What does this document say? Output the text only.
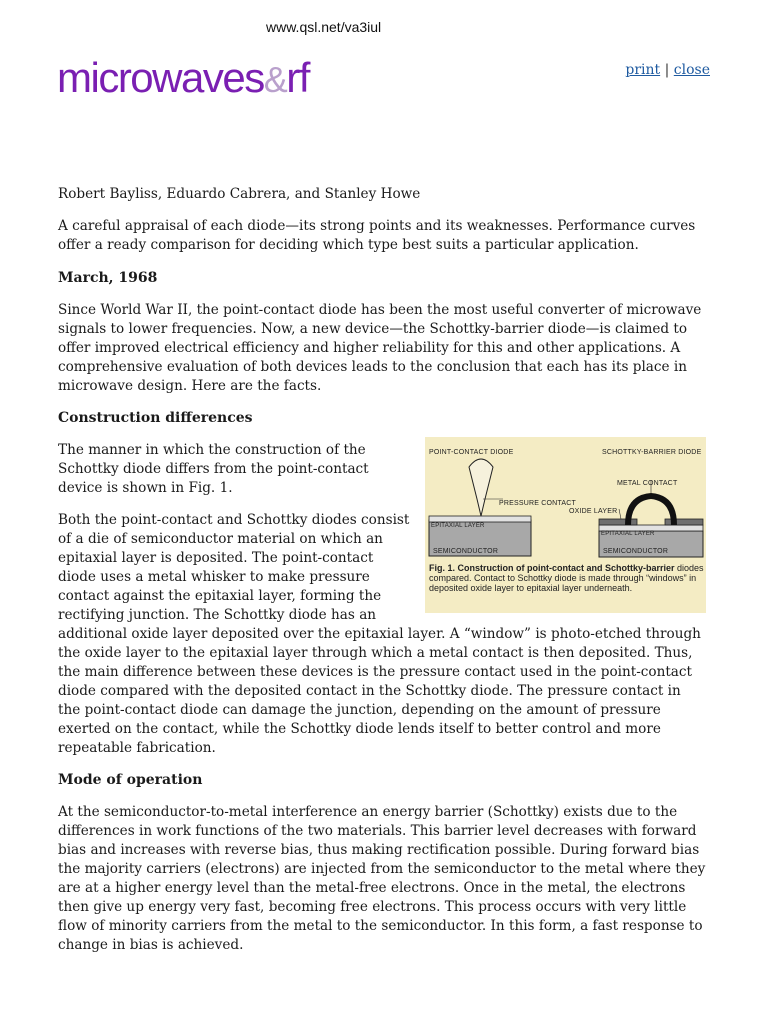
www.qsl.net/va3iul
microwaves&rf	print | close

Robert Bayliss, Eduardo Cabrera, and Stanley Howe

A careful appraisal of each diode—its strong points and its weaknesses. Performance curves offer a ready comparison for deciding which type best suits a particular application.

March, 1968

Since World War II, the point-contact diode has been the most useful converter of microwave signals to lower frequencies. Now, a new device—the Schottky-barrier diode—is claimed to offer improved electrical efficiency and higher reliability for this and other applications. A comprehensive evaluation of both devices leads to the conclusion that each has its place in microwave design. Here are the facts.

Construction differences
POINT-CONTACT DIODE	SCHOTTKY-BARRIER DIODE
METAL CONTACT
PRESSURE CONTACT
OXIDE LAYER
EPITAXIAL LAYER
EPITAXIAL LAYER
SEMICONDUCTOR	SEMICONDUCTOR
Fig. 1. Construction of point-contact and Schottky-barrier diodes compared. Contact to Schottky diode is made through “windows” in deposited oxide layer to epitaxial layer underneath.

The manner in which the construction of the Schottky diode differs from the point-contact device is shown in Fig. 1.

Both the point-contact and Schottky diodes consist of a die of semiconductor material on which an epitaxial layer is deposited. The point-contact diode uses a metal whisker to make pressure contact against the epitaxial layer, forming the rectifying junction. The Schottky diode has an additional oxide layer deposited over the epitaxial layer. A “window” is photo-etched through the oxide layer to the epitaxial layer through which a metal contact is then deposited. Thus, the main difference between these devices is the pressure contact used in the point-contact diode compared with the deposited contact in the Schottky diode. The pressure contact in the point-contact diode can damage the junction, depending on the amount of pressure exerted on the contact, while the Schottky diode lends itself to better control and more repeatable fabrication.

Mode of operation

At the semiconductor-to-metal interference an energy barrier (Schottky) exists due to the differences in work functions of the two materials. This barrier level decreases with forward bias and increases with reverse bias, thus making rectification possible. During forward bias the majority carriers (electrons) are injected from the semiconductor to the metal where they are at a higher energy level than the metal-free electrons. Once in the metal, the electrons then give up energy very fast, becoming free electrons. This process occurs with very little flow of minority carriers from the metal to the semiconductor. In this form, a fast response to change in bias is achieved.
